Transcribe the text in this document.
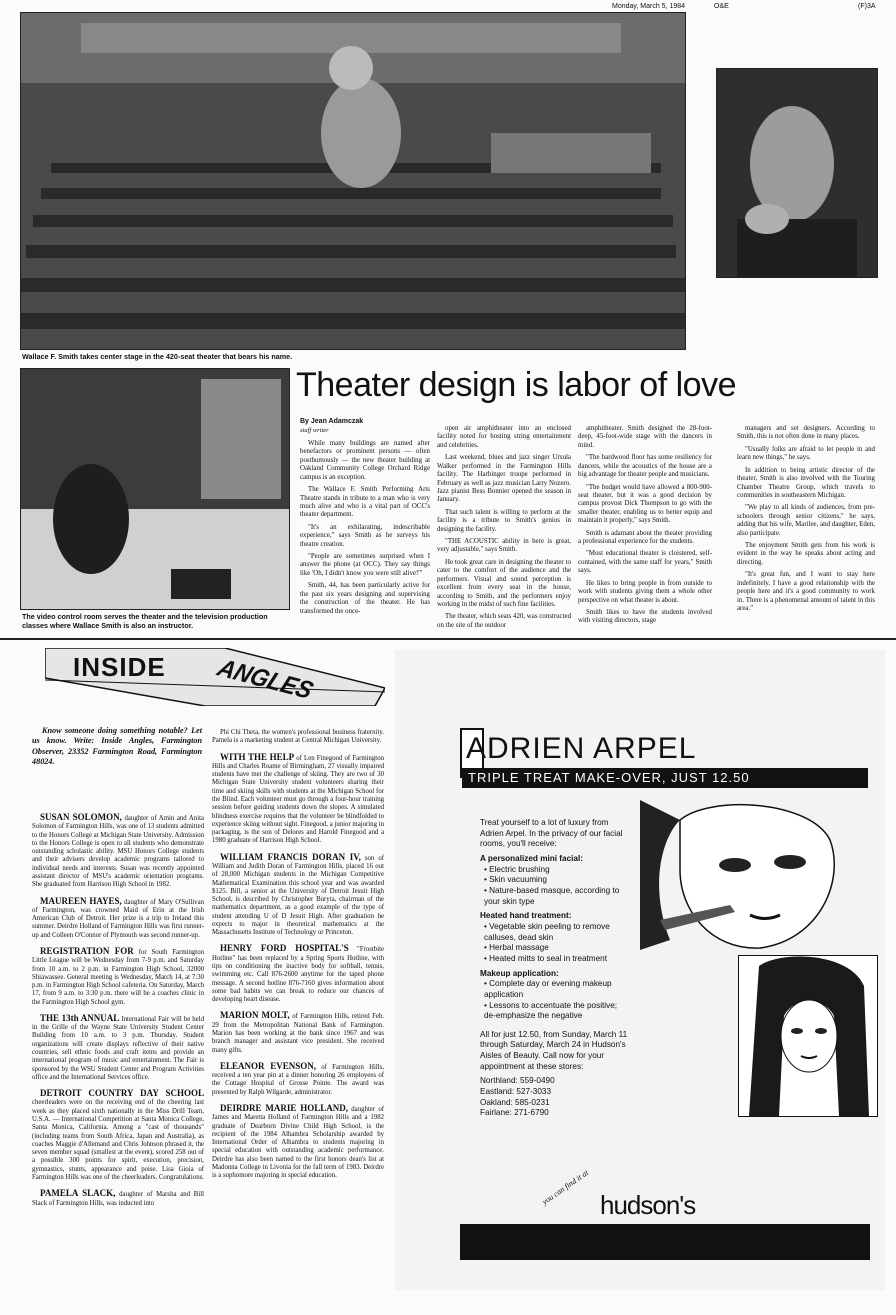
Monday, March 5, 1984	O&E	(F)3A
Wallace F. Smith takes center stage in the 420-seat theater that bears his name.
The video control room serves the theater and the television production classes where Wallace Smith is also an instructor.
Theater design is labor of love
By Jean Adamczak
staff writer

While many buildings are named after benefactors or prominent persons — often posthumously — the new theater building at Oakland Community College Orchard Ridge campus is an exception.

The Wallace F. Smith Performing Arts Theatre stands in tribute to a man who is very much alive and who is a vital part of OCC's theater department.

"It's an exhilarating, indescribable experience," says Smith as he surveys his theatre creation.

"People are sometimes surprised when I answer the phone (at OCC). They say things like 'Oh, I didn't know you were still alive!'"

Smith, 44, has been particularly active for the past six years designing and supervising the construction of the theater. He has transformed the once-

open air amphitheater into an enclosed facility noted for hosting string entertainment and celebrities.

Last weekend, blues and jazz singer Ursula Walker performed in the Farmington Hills facility. The Harbinger troupe performed in February as well as jazz musician Larry Nozero. Jazz pianist Bess Bonnier opened the season in January.

That such talent is willing to perform at the facility is a tribute to Smith's genius in designing the facility.

"THE ACOUSTIC ability in here is great, very adjustable," says Smith.

He took great care in designing the theater to cater to the comfort of the audience and the performers. Visual and sound perception is excellent from every seat in the house, according to Smith, and the performers enjoy working in the midst of such fine facilities.

The theater, which seats 420, was constructed on the site of the outdoor

amphitheater. Smith designed the 28-foot-deep, 45-foot-wide stage with the dancers in mind.

"The hardwood floor has some resiliency for dancers, while the acoustics of the house are a big advantage for theater people and musicians.

"The budget would have allowed a 800-900-seat theater, but it was a good decision by campus provost Dick Thompson to go with the smaller theater, enabling us to better equip and maintain it properly," says Smith.

Smith is adamant about the theater providing a professional experience for the students.

"Most educational theater is cloistered, self-contained, with the same staff for years," Smith says.

He likes to bring people in from outside to work with students giving them a whole other perspective on what theater is about.

Smith likes to have the students involved with visiting directors, stage

managers and set designers. According to Smith, this is not often done in many places.

"Usually folks are afraid to let people in and learn new things," he says.

In addition to being artistic director of the theater, Smith is also involved with the Touring Chamber Theatre Group, which travels to communities in southeastern Michigan.

"We play to all kinds of audiences, from pre-schoolers through senior citizens," he says, adding that his wife, Marilee, and daughter, Eden, also participate.

The enjoyment Smith gets from his work is evident in the way he speaks about acting and directing.

"It's great fun, and I want to stay here indefinitely. I have a good relationship with the people here and it's a good community to work in. There is a phenomenal amount of talent in this area."

INSIDE ANGLES
Know someone doing something notable? Let us know. Write: Inside Angles, Farmington Observer, 23352 Farmington Road, Farmington 48024.

SUSAN SOLOMON, daughter of Amin and Anita Solomon of Farmington Hills, was one of 13 students admitted to the Honors College at Michigan State University. Admission to the Honors College is open to all students who demonstrate outstanding scholastic ability. MSU Honors College students and their advisers develop academic programs tailored to individual needs and interests. Susan was recently appointed assistant director of MSU's academic orientation programs. She graduated from Harrison High School in 1982.

MAUREEN HAYES, daughter of Mary O'Sullivan of Farmington, was crowned Maid of Erin at the Irish American Club of Detroit. Her prize is a trip to Ireland this summer. Deirdre Holland of Farmington Hills was first runner-up and Colleen O'Connor of Plymouth was second runner-up.

REGISTRATION FOR for South Farmington Little League will be Wednesday from 7-9 p.m. and Saturday from 10 a.m. to 2 p.m. in Farmington High School, 32000 Shiawassee. General meeting is Wednesday, March 14, at 7:30 p.m. in Farmington High School cafeteria. On Saturday, March 17, from 9 a.m. to 3:30 p.m. there will be a coaches clinic in the Farmington High School gym.

THE 13th ANNUAL International Fair will be held in the Grille of the Wayne State University Student Center Building from 10 a.m. to 3 p.m. Thursday. Student organizations will create displays reflective of their native countries, sell ethnic foods and craft items and provide an international program of music and entertainment. The Fair is sponsored by the WSU Student Center and Program Activities office and the International Services office.

DETROIT COUNTRY DAY SCHOOL cheerleaders were on the receiving end of the cheering last week as they placed sixth nationally in the Miss Drill Team, U.S.A. — International Competition at Santa Monica College, Santa Monica, California. Among a "cast of thousands" (including teams from South Africa, Japan and Australia), as coaches Maggie d'Allemand and Chris Johnson phrased it, the seven member squad (smallest at the event), scored 258 out of a possible 300 points for spirit, execution, precision, gymnastics, stunts, appearance and poise. Lisa Gioia of Farmington Hills was one of the cheerleaders. Congratulations.

PAMELA SLACK, daughter of Marsha and Bill Slack of Farmington Hills, was inducted into

Phi Chi Theta, the women's professional business fraternity. Pamela is a marketing student at Central Michigan University.

WITH THE HELP of Len Finegood of Farmington Hills and Charles Roame of Birmingham, 27 visually impaired students have met the challenge of skiing. They are two of 30 Michigan State University student volunteers sharing their time and skiing skills with students at the Michigan School for the Blind. Each volunteer must go through a four-hour training session before guiding students down the slopes. A simulated blindness exercise requires that the volunteer be blindfolded to experience skiing without sight. Finegood, a junior majoring in packaging, is the son of Delores and Harold Finegood and a 1980 graduate of Harrison High School.

WILLIAM FRANCIS DORAN IV, son of William and Judith Doran of Farmington Hills, placed 16 out of 28,000 Michigan students in the Michigan Competitive Mathematical Examination this school year and was awarded $125. Bill, a senior at the University of Detroit Jesuit High School, is described by Christopher Buryta, chairman of the mathematics department, as a good example of the type of student attending U of D Jesuit High. After graduation he expects to major in theoretical mathematics at the Massachusetts Institute of Technology or Princeton.

HENRY FORD HOSPITAL'S "Frostbite Hotline" has been replaced by a Spring Sports Hotline, with tips on conditioning the inactive body for softball, tennis, swimming etc. Call 876-2600 anytime for the taped phone message. A second hotline 876-7160 gives information about some bad habits we can break to reduce our chances of developing heart disease.

MARION MOLT, of Farmington Hills, retired Feb. 29 from the Metropolitan National Bank of Farmington. Marion has been working at the bank since 1967 and was branch manager and assistant vice president. She received many gifts.

ELEANOR EVENSON, of Farmington Hills, received a ten year pin at a dinner honoring 26 employees of the Cottage Hospital of Grosse Pointe. The award was presented by Ralph Wilgarde, administrator.

DEIRDRE MARIE HOLLAND, daughter of James and Maretta Holland of Farmington Hills and a 1982 graduate of Dearborn Divine Child High School, is the recipient of the 1984 Alhambra Scholarship awarded by International Order of Alhambra to students majoring in special education with outstanding academic performance. Deirdre has also been named to the first honors dean's list at Madonna College in Livonia for the fall term of 1983. Deirdre is a sophomore majoring in special education.

ADRIEN ARPEL
TRIPLE TREAT MAKE-OVER, JUST 12.50

Treat yourself to a lot of luxury from Adrien Arpel. In the privacy of our facial rooms, you'll receive:

A personalized mini facial:
• Electric brushing
• Skin vacuuming
• Nature-based masque, according to your skin type
Heated hand treatment:
• Vegetable skin peeling to remove calluses, dead skin
• Herbal massage
• Heated mitts to seal in treatment
Makeup application:
• Complete day or evening makeup application
• Lessons to accentuate the positive; de-emphasize the negative

All for just 12.50, from Sunday, March 11 through Saturday, March 24 in Hudson's Aisles of Beauty. Call now for your appointment at these stores:

Northland: 559-0490
Eastland: 527-3033
Oakland: 585-0231
Fairlane: 271-6790
you can find it at hudson's
